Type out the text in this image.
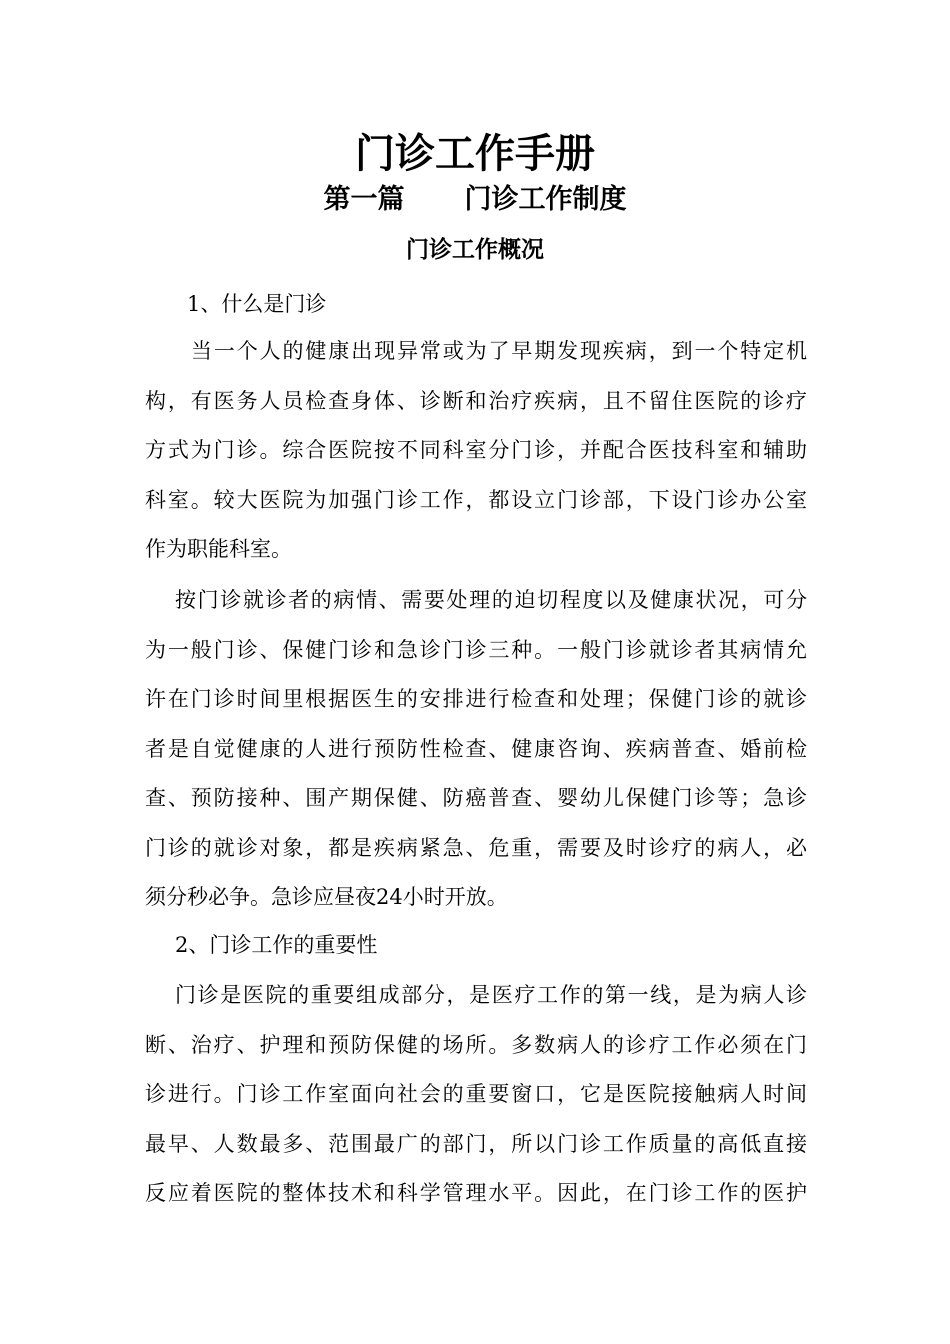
门诊工作手册
第一篇 门诊工作制度
门诊工作概况
1、什么是门诊
当一个人的健康出现异常或为了早期发现疾病，到一个特定机
构，有医务人员检查身体、诊断和治疗疾病，且不留住医院的诊疗
方式为门诊。综合医院按不同科室分门诊，并配合医技科室和辅助
科室。较大医院为加强门诊工作，都设立门诊部，下设门诊办公室
作为职能科室。
按门诊就诊者的病情、需要处理的迫切程度以及健康状况，可分
为一般门诊、保健门诊和急诊门诊三种。一般门诊就诊者其病情允
许在门诊时间里根据医生的安排进行检查和处理；保健门诊的就诊
者是自觉健康的人进行预防性检查、健康咨询、疾病普查、婚前检
查、预防接种、围产期保健、防癌普查、婴幼儿保健门诊等；急诊
门诊的就诊对象，都是疾病紧急、危重，需要及时诊疗的病人，必
须分秒必争。急诊应昼夜24小时开放。
2、门诊工作的重要性
门诊是医院的重要组成部分，是医疗工作的第一线，是为病人诊
断、治疗、护理和预防保健的场所。多数病人的诊疗工作必须在门
诊进行。门诊工作室面向社会的重要窗口，它是医院接触病人时间
最早、人数最多、范围最广的部门，所以门诊工作质量的高低直接
反应着医院的整体技术和科学管理水平。因此，在门诊工作的医护
